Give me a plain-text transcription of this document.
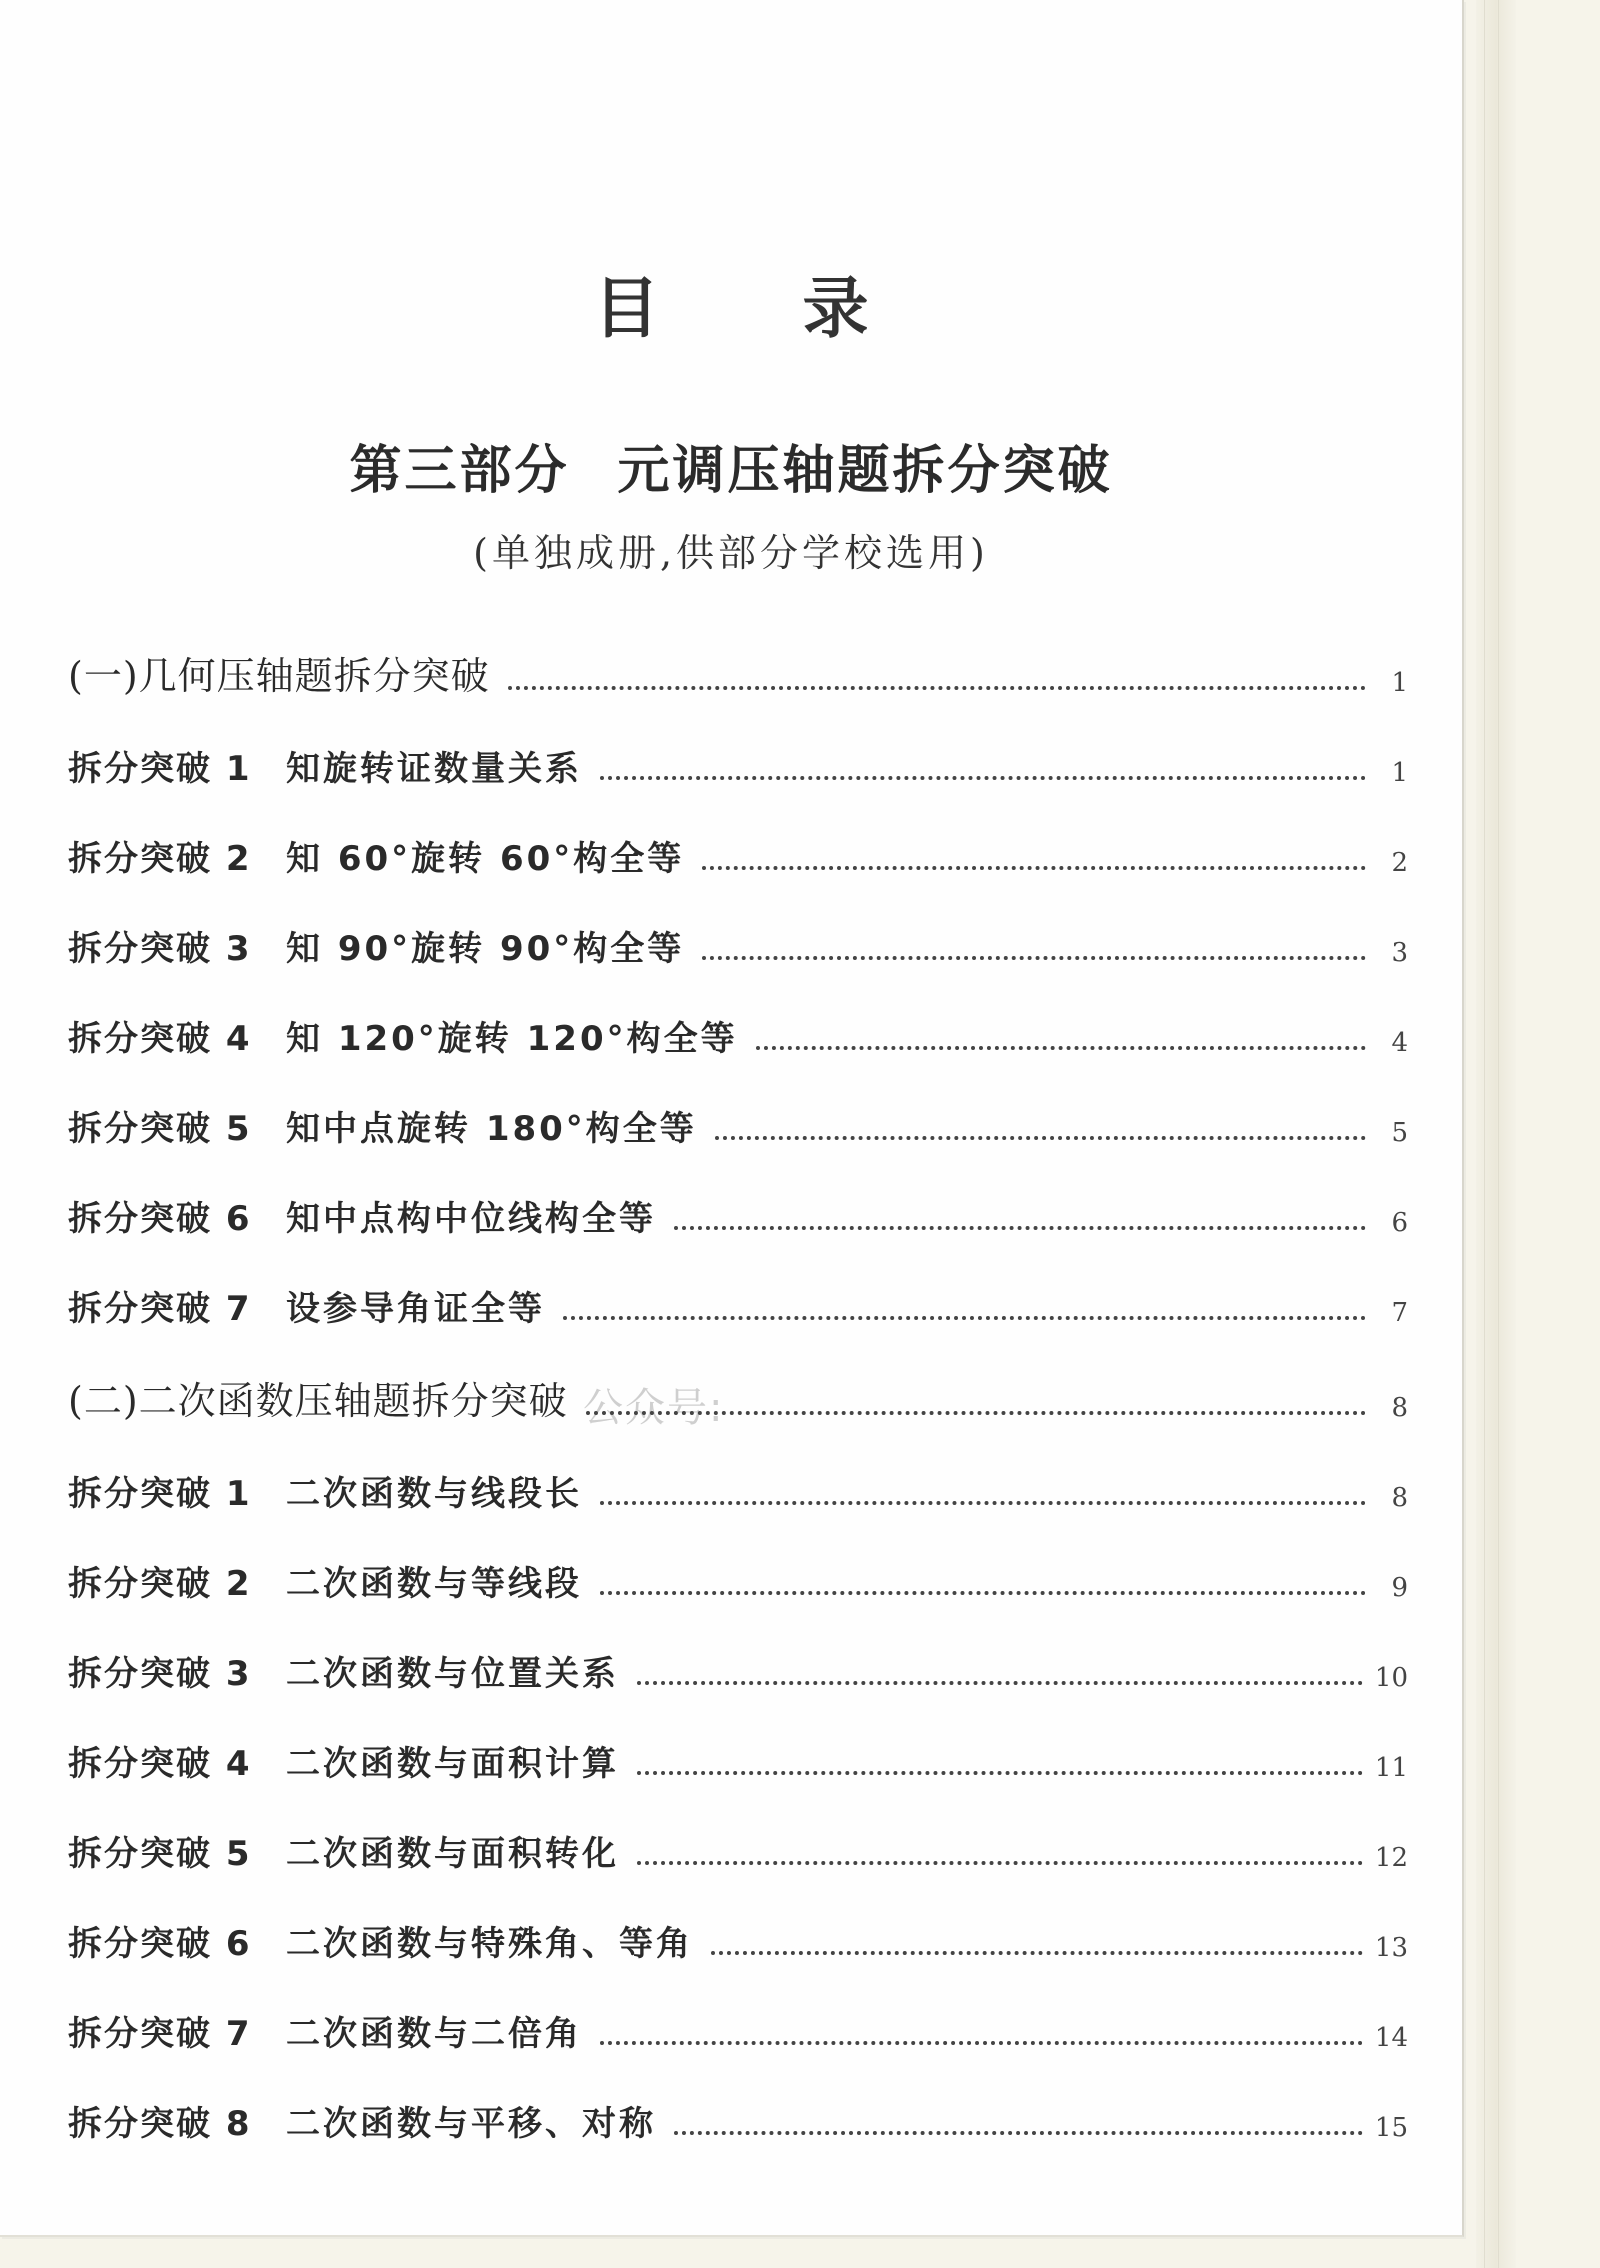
目 录
第三部分 元调压轴题拆分突破
(单独成册,供部分学校选用)
公众号:
(一)几何压轴题拆分突破	1
拆分突破 1	知旋转证数量关系	1
拆分突破 2	知 60°旋转 60°构全等	2
拆分突破 3	知 90°旋转 90°构全等	3
拆分突破 4	知 120°旋转 120°构全等	4
拆分突破 5	知中点旋转 180°构全等	5
拆分突破 6	知中点构中位线构全等	6
拆分突破 7	设参导角证全等	7
(二)二次函数压轴题拆分突破	8
拆分突破 1	二次函数与线段长	8
拆分突破 2	二次函数与等线段	9
拆分突破 3	二次函数与位置关系	10
拆分突破 4	二次函数与面积计算	11
拆分突破 5	二次函数与面积转化	12
拆分突破 6	二次函数与特殊角、等角	13
拆分突破 7	二次函数与二倍角	14
拆分突破 8	二次函数与平移、对称	15
